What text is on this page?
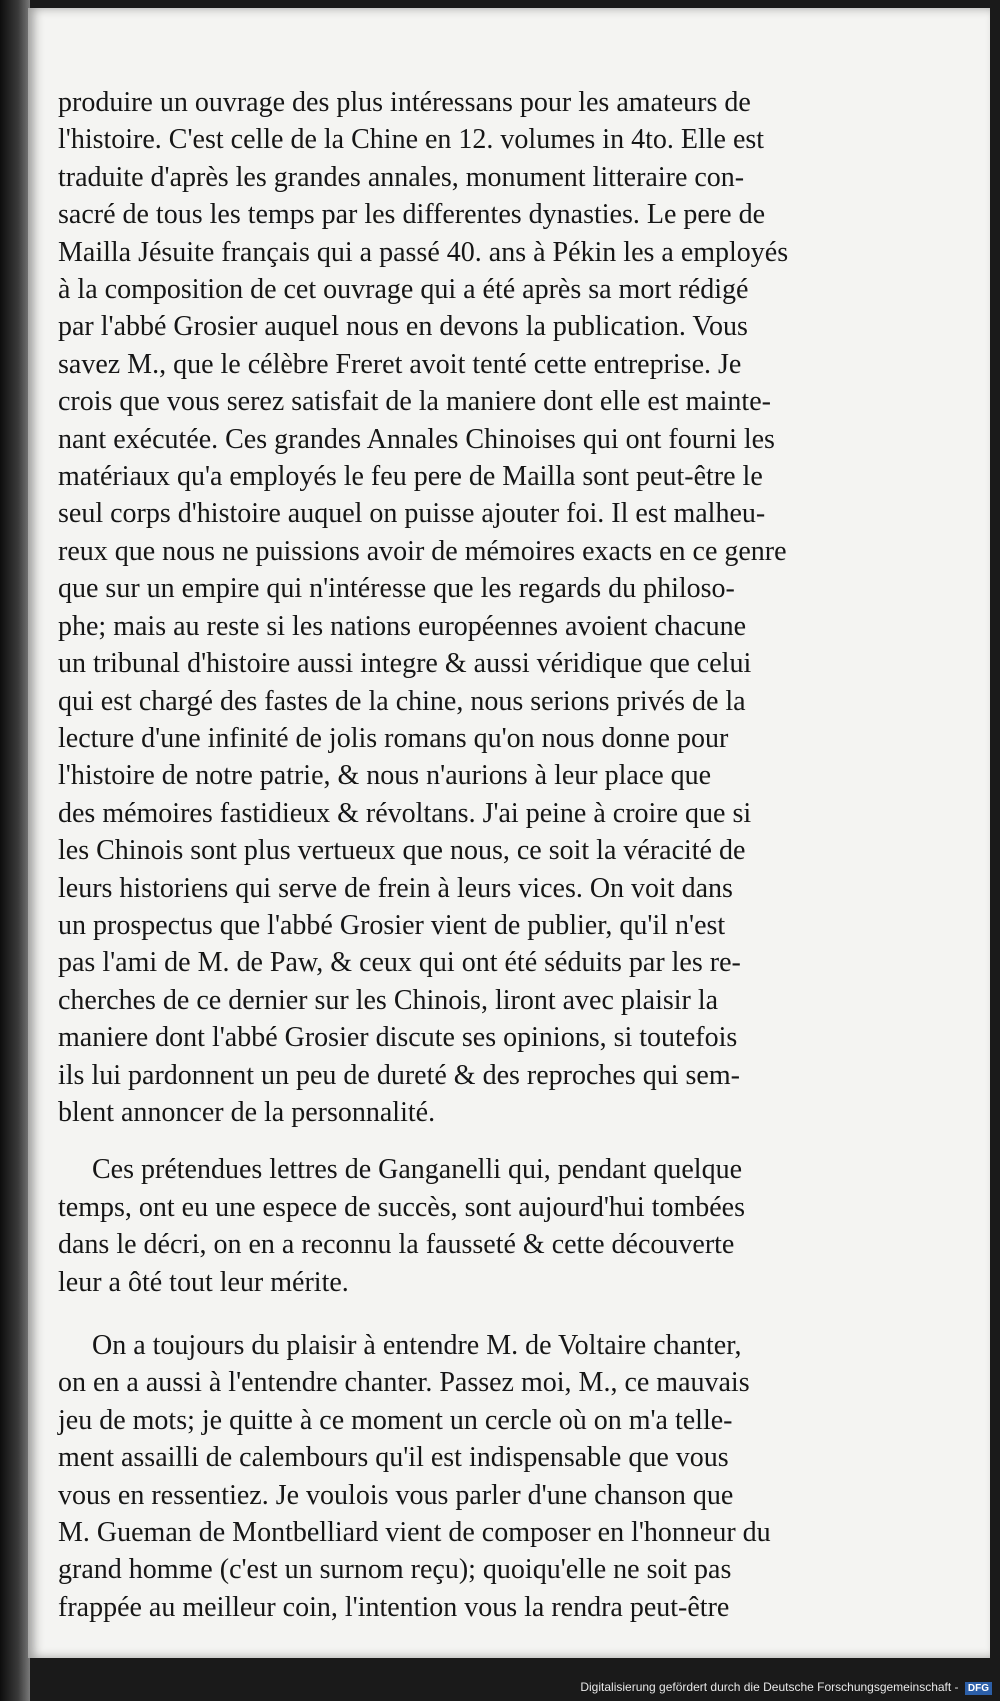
produire un ouvrage des plus intéressans pour les amateurs de

l'histoire. C'est celle de la Chine en 12. volumes in 4to. Elle est

traduite d'après les grandes annales, monument litteraire con-

sacré de tous les temps par les differentes dynasties. Le pere de

Mailla Jésuite français qui a passé 40. ans à Pékin les a employés

à la composition de cet ouvrage qui a été après sa mort rédigé

par l'abbé Grosier auquel nous en devons la publication. Vous

savez M., que le célèbre Freret avoit tenté cette entreprise. Je

crois que vous serez satisfait de la maniere dont elle est mainte-

nant exécutée. Ces grandes Annales Chinoises qui ont fourni les

matériaux qu'a employés le feu pere de Mailla sont peut-être le

seul corps d'histoire auquel on puisse ajouter foi. Il est malheu-

reux que nous ne puissions avoir de mémoires exacts en ce genre

que sur un empire qui n'intéresse que les regards du philoso-

phe; mais au reste si les nations européennes avoient chacune

un tribunal d'histoire aussi integre & aussi véridique que celui

qui est chargé des fastes de la chine, nous serions privés de la

lecture d'une infinité de jolis romans qu'on nous donne pour

l'histoire de notre patrie, & nous n'aurions à leur place que

des mémoires fastidieux & révoltans. J'ai peine à croire que si

les Chinois sont plus vertueux que nous, ce soit la véracité de

leurs historiens qui serve de frein à leurs vices. On voit dans

un prospectus que l'abbé Grosier vient de publier, qu'il n'est

pas l'ami de M. de Paw, & ceux qui ont été séduits par les re-

cherches de ce dernier sur les Chinois, liront avec plaisir la

maniere dont l'abbé Grosier discute ses opinions, si toutefois

ils lui pardonnent un peu de dureté & des reproches qui sem-

blent annoncer de la personnalité.

Ces prétendues lettres de Ganganelli qui, pendant quelque

temps, ont eu une espece de succès, sont aujourd'hui tombées

dans le décri, on en a reconnu la fausseté & cette découverte

leur a ôté tout leur mérite.

On a toujours du plaisir à entendre M. de Voltaire chanter,

on en a aussi à l'entendre chanter. Passez moi, M., ce mauvais

jeu de mots; je quitte à ce moment un cercle où on m'a telle-

ment assailli de calembours qu'il est indispensable que vous

vous en ressentiez. Je voulois vous parler d'une chanson que

M. Gueman de Montbelliard vient de composer en l'honneur du

grand homme (c'est un surnom reçu); quoiqu'elle ne soit pas

frappée au meilleur coin, l'intention vous la rendra peut-être

Digitalisierung gefördert durch die Deutsche Forschungsgemeinschaft - DFG
